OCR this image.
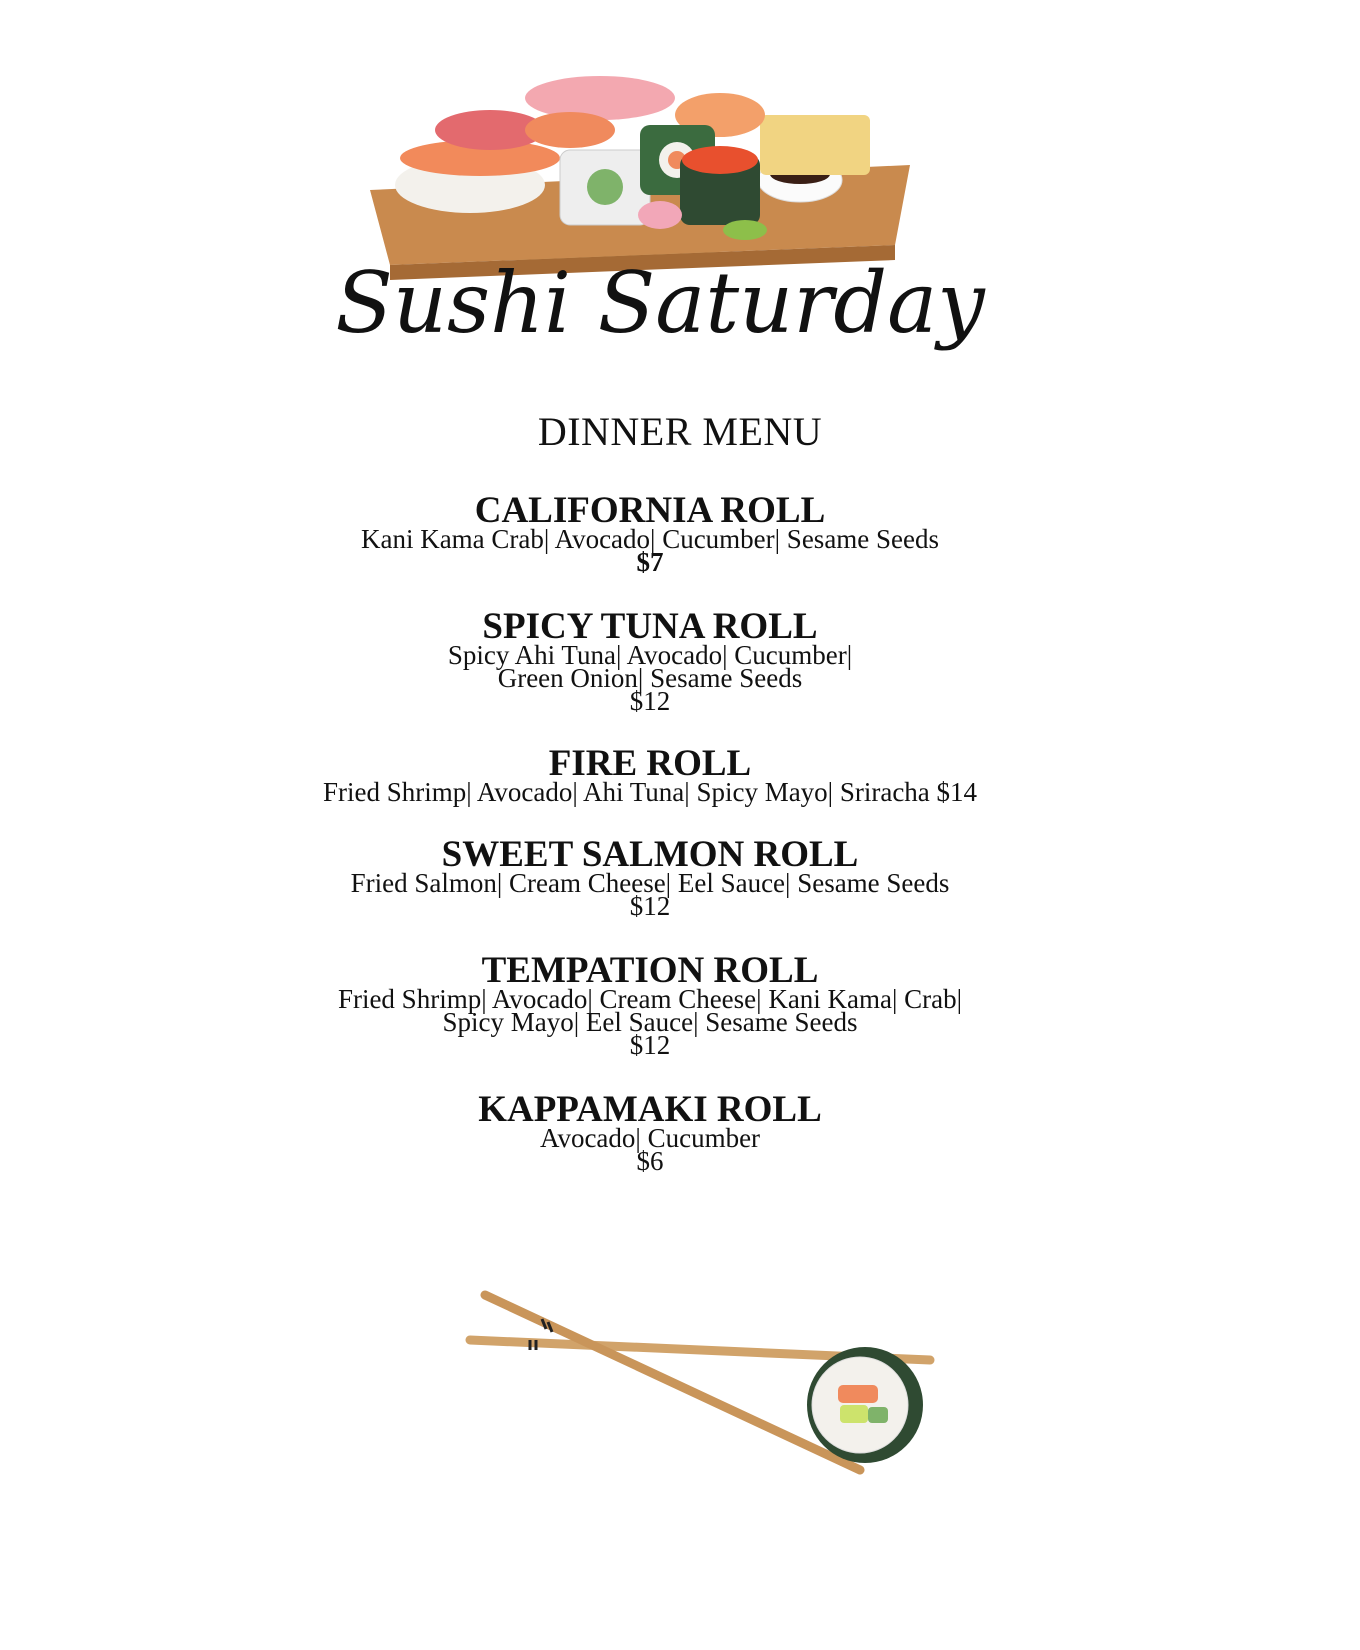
Sushi Saturday
DINNER MENU

CALIFORNIA ROLL

Kani Kama Crab| Avocado| Cucumber| Sesame Seeds

$7

SPICY TUNA ROLL

Spicy Ahi Tuna| Avocado| Cucumber|

Green Onion| Sesame Seeds

$12

FIRE ROLL

Fried Shrimp| Avocado| Ahi Tuna| Spicy Mayo| Sriracha $14

SWEET SALMON ROLL

Fried Salmon| Cream Cheese| Eel Sauce| Sesame Seeds

$12

TEMPATION ROLL

Fried Shrimp| Avocado| Cream Cheese| Kani Kama| Crab|

Spicy Mayo| Eel Sauce| Sesame Seeds

$12

KAPPAMAKI ROLL

Avocado| Cucumber

$6
